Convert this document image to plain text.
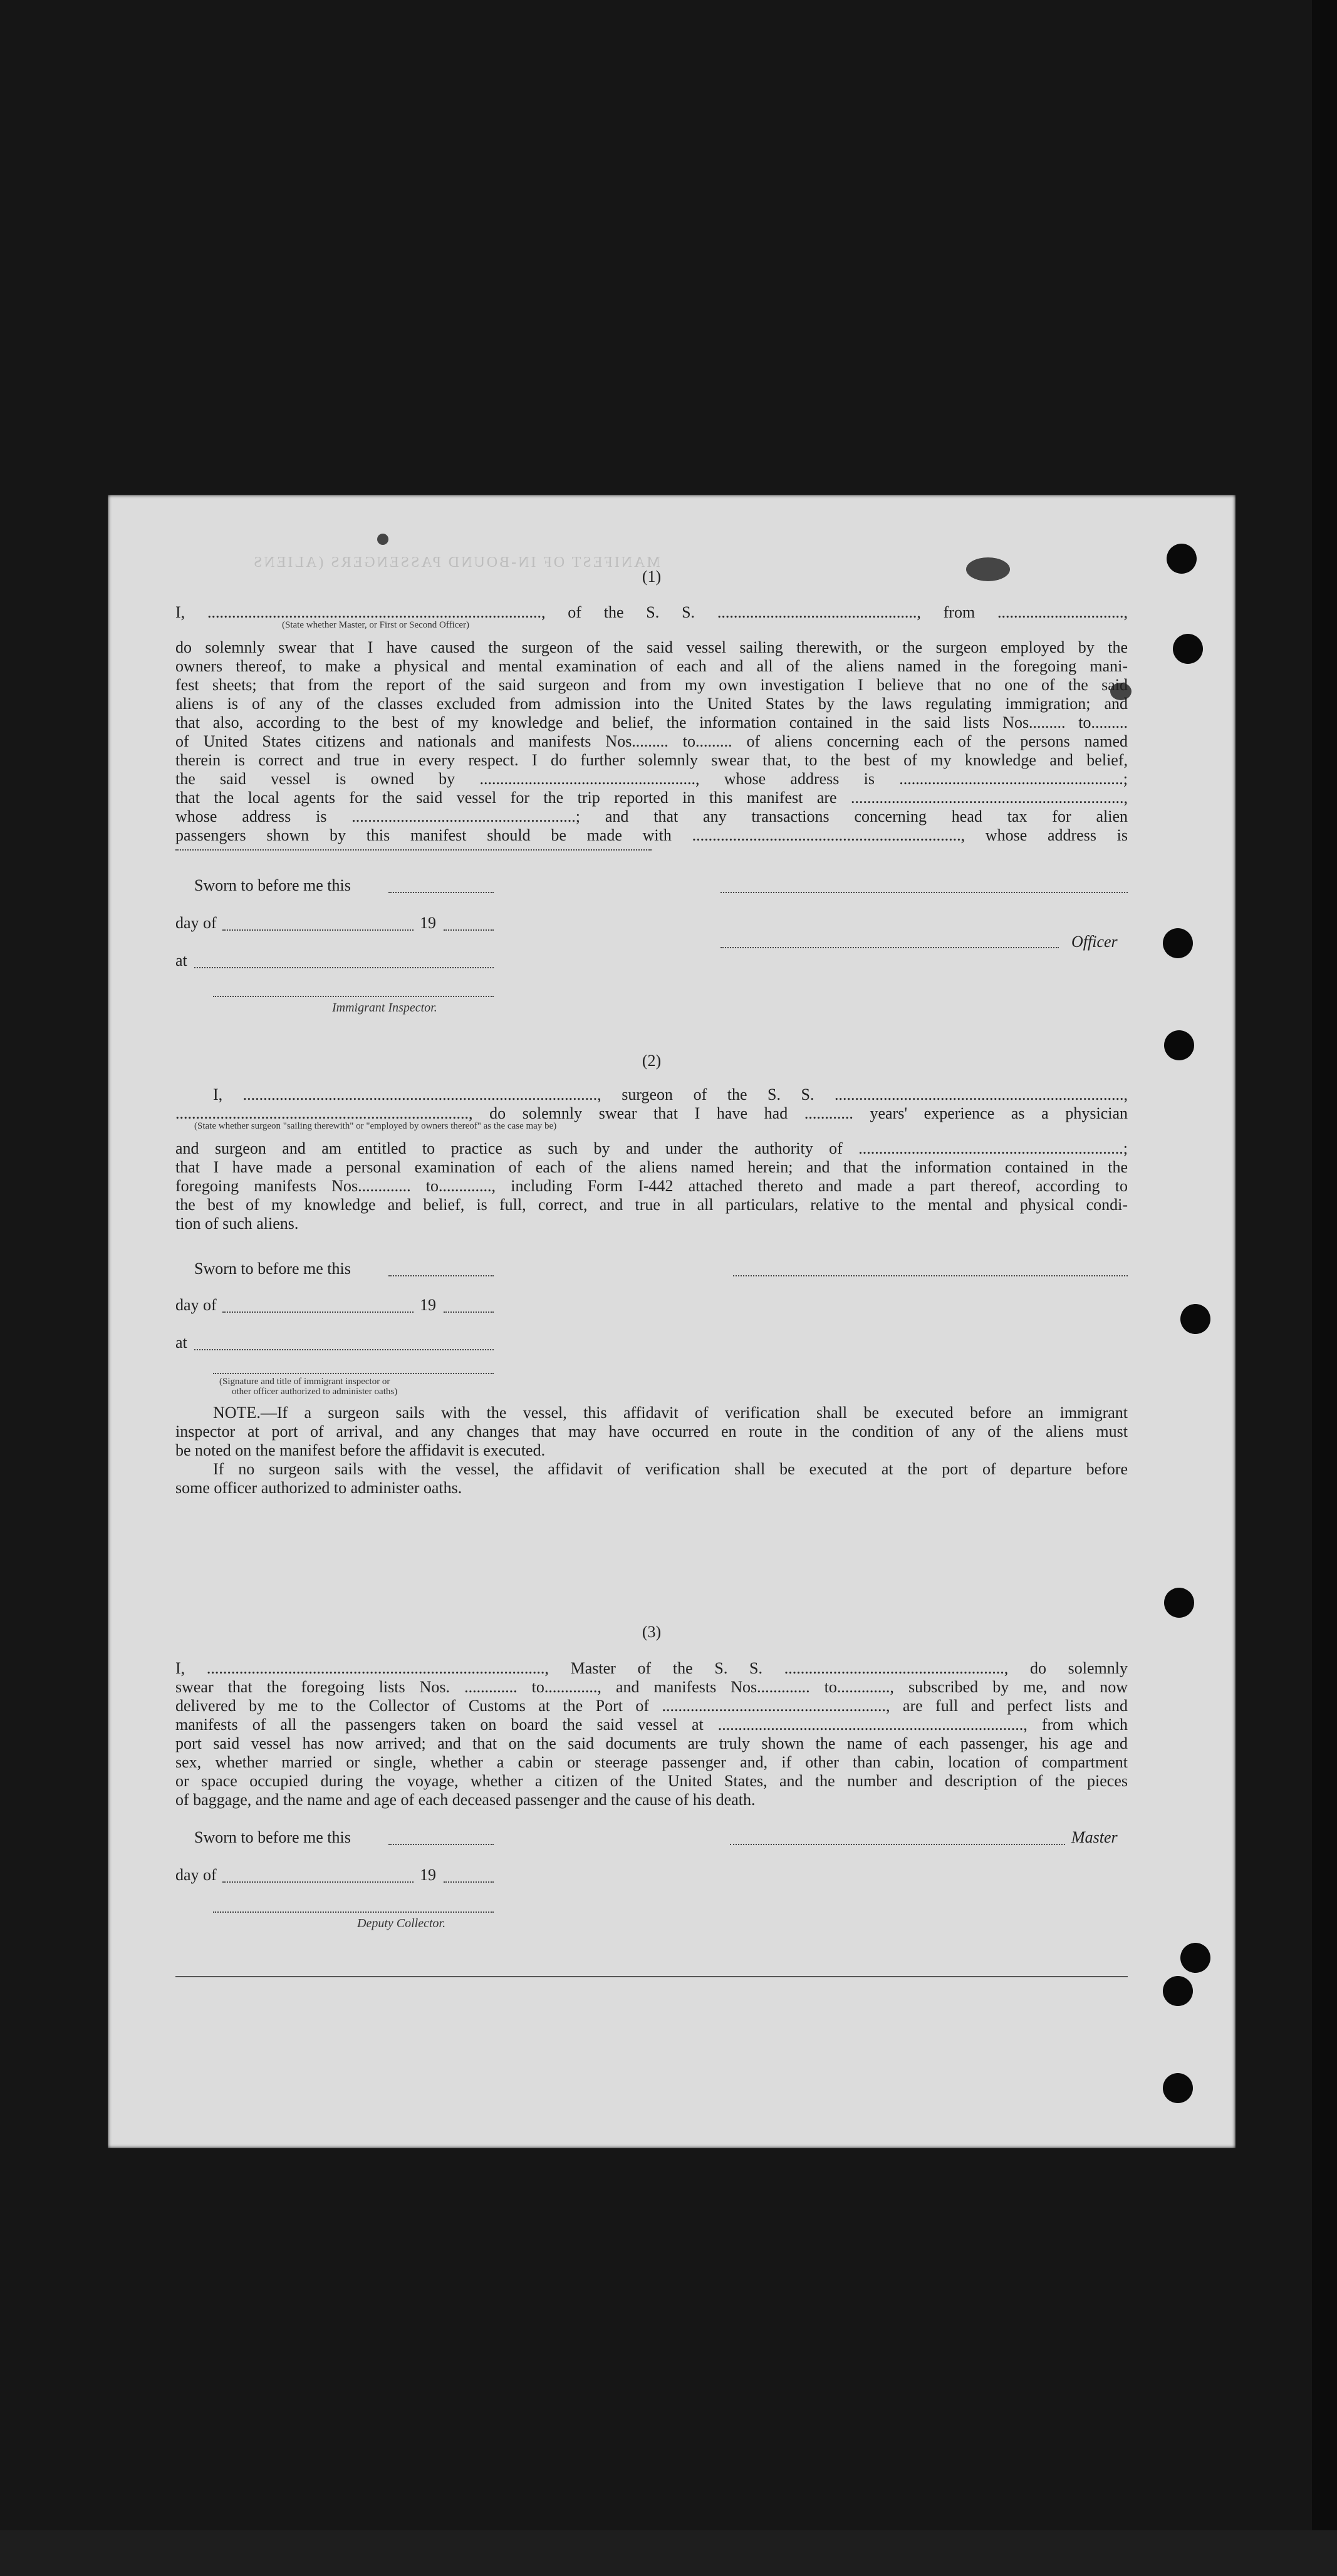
MANIFEST OF IN-BOUND PASSENGERS (ALIENS
(1)
I, .................................................................................., of the S. S. ................................................., from ...............................,
(State whether Master, or First or Second Officer)
do solemnly swear that I have caused the surgeon of the said vessel sailing therewith, or the surgeon employed by the
owners thereof, to make a physical and mental examination of each and all of the aliens named in the foregoing mani-
fest sheets; that from the report of the said surgeon and from my own investigation I believe that no one of the said
aliens is of any of the classes excluded from admission into the United States by the laws regulating immigration; and
that also, according to the best of my knowledge and belief, the information contained in the said lists Nos......... to.........
of United States citizens and nationals and manifests Nos......... to......... of aliens concerning each of the persons named
therein is correct and true in every respect. I do further solemnly swear that, to the best of my knowledge and belief,
the said vessel is owned by ....................................................., whose address is .......................................................;
that the local agents for the said vessel for the trip reported in this manifest are ...................................................................,
whose address is .......................................................; and that any transactions concerning head tax for alien
passengers shown by this manifest should be made with .................................................................., whose address is
Sworn to before me this
day of	19
Officer
at
Immigrant Inspector.
(2)
I, ......................................................................................., surgeon of the S. S. .......................................................................,
........................................................................, do solemnly swear that I have had ............ years' experience as a physician
(State whether surgeon "sailing therewith" or "employed by owners thereof" as the case may be)
and surgeon and am entitled to practice as such by and under the authority of .................................................................;
that I have made a personal examination of each of the aliens named herein; and that the information contained in the
foregoing manifests Nos............. to............., including Form I-442 attached thereto and made a part thereof, according to
the best of my knowledge and belief, is full, correct, and true in all particulars, relative to the mental and physical condi-
tion of such aliens.
Sworn to before me this
day of	19
at
(Signature and title of immigrant inspector or
other officer authorized to administer oaths)
NOTE.—If a surgeon sails with the vessel, this affidavit of verification shall be executed before an immigrant
inspector at port of arrival, and any changes that may have occurred en route in the condition of any of the aliens must
be noted on the manifest before the affidavit is executed.
If no surgeon sails with the vessel, the affidavit of verification shall be executed at the port of departure before
some officer authorized to administer oaths.
(3)
I, ..................................................................................., Master of the S. S. ......................................................, do solemnly
swear that the foregoing lists Nos. ............. to............., and manifests Nos............. to............., subscribed by me, and now
delivered by me to the Collector of Customs at the Port of ......................................................., are full and perfect lists and
manifests of all the passengers taken on board the said vessel at ..........................................................................., from which
port said vessel has now arrived; and that on the said documents are truly shown the name of each passenger, his age and
sex, whether married or single, whether a cabin or steerage passenger and, if other than cabin, location of compartment
or space occupied during the voyage, whether a citizen of the United States, and the number and description of the pieces
of baggage, and the name and age of each deceased passenger and the cause of his death.
Sworn to before me this	Master
day of	19
Deputy Collector.
